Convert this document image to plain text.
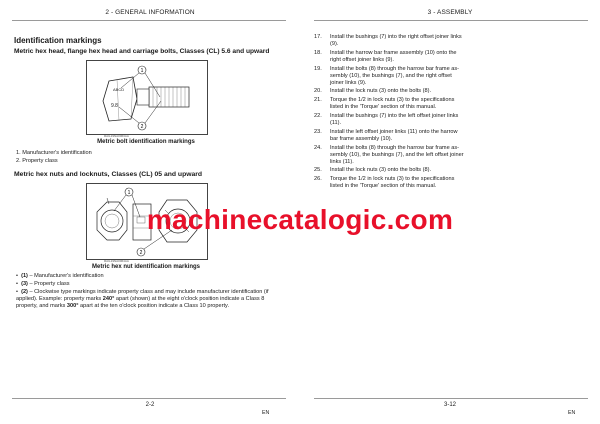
2 - GENERAL INFORMATION
Identification markings
Metric hex head, flange hex head and carriage bolts, Classes (CL) 5.6 and upward
ABCD
9.8
1
2
RAIL19NA0063AA
Metric bolt identification markings
1. Manufacturer's identification
2. Property class
Metric hex nuts and locknuts, Classes (CL) 05 and upward
1
2
RAIL19NA0064AA
Metric hex nut identification markings
•  (1) – Manufacturer's identification
•  (3) – Property class
•  (2) – Clockwise type markings indicate property class and may include manufacturer identification (if applied). Example: property marks 240° apart (shown) at the eight o'clock position indicate a Class 8 property, and marks 300° apart at the ten o'clock position indicate a Class 10 property.
2-2
EN
3 - ASSEMBLY
17. Install the bushings (7) into the right offset joiner links
(9).
18. Install the harrow bar frame assembly (10) onto the
right offset joiner links (9).
19. Install the bolts (8) through the harrow bar frame as-
sembly (10), the bushings (7), and the right offset
joiner links (9).
20. Install the lock nuts (3) onto the bolts (8).
21. Torque the 1/2 in lock nuts (3) to the specifications
listed in the 'Torque' section of this manual.
22. Install the bushings (7) into the left offset joiner links
(11).
23. Install the left offset joiner links (11) onto the harrow
bar frame assembly (10).
24. Install the bolts (8) through the harrow bar frame as-
sembly (10), the bushings (7), and the left offset joiner
links (11).
25. Install the lock nuts (3) onto the bolts (8).
26. Torque the 1/2 in lock nuts (3) to the specifications
listed in the 'Torque' section of this manual.
3-12
EN
machinecatalogic.com
